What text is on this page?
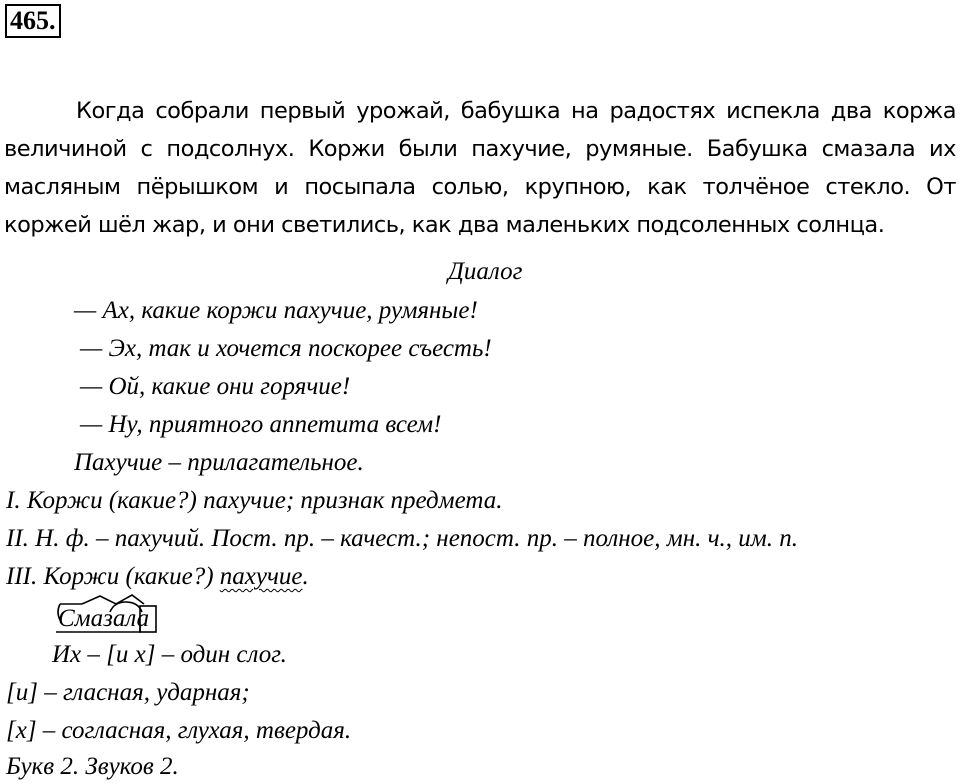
465.

Когда собрали первый урожай, бабушка на радостях испекла два коржа величиной с подсолнух. Коржи были пахучие, румяные. Бабушка смазала их масляным пёрышком и посыпала солью, крупною, как толчёное стекло. От коржей шёл жар, и они светились, как два маленьких подсоленных солнца.

Диалог
— Ах, какие коржи пахучие, румяные!
— Эх, так и хочется поскорее съесть!
— Ой, какие они горячие!
— Ну, приятного аппетита всем!
Пахучие – прилагательное.
I. Коржи (какие?) пахучие; признак предмета.
II. Н. ф. – пахучий. Пост. пр. – качест.; непост. пр. – полное, мн. ч., им. п.
III. Коржи (какие?) пахучие.
Смазала
Их – [и х] – один слог.
[и] – гласная, ударная;
[х] – согласная, глухая, твердая.
Букв 2. Звуков 2.
